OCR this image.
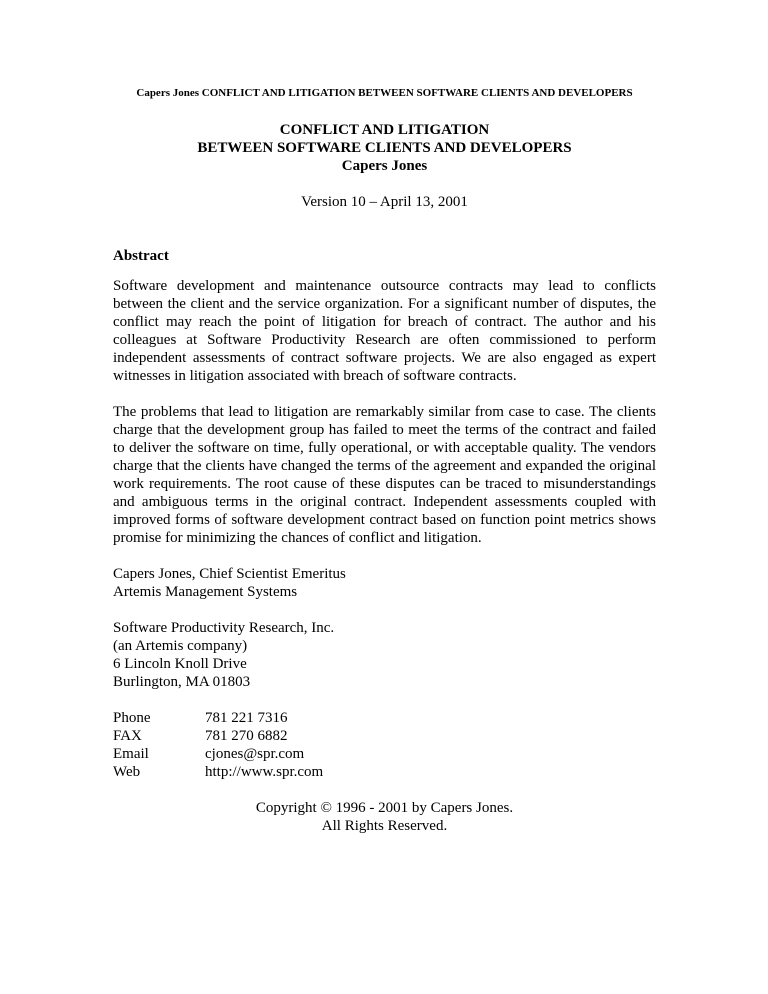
Capers Jones CONFLICT AND LITIGATION BETWEEN SOFTWARE CLIENTS AND DEVELOPERS
CONFLICT AND LITIGATION
BETWEEN SOFTWARE CLIENTS AND DEVELOPERS
Capers Jones
Version 10 – April 13, 2001
Abstract

Software development and maintenance outsource contracts may lead to conflicts between the client and the service organization. For a significant number of disputes, the conflict may reach the point of litigation for breach of contract. The author and his colleagues at Software Productivity Research are often commissioned to perform independent assessments of contract software projects. We are also engaged as expert witnesses in litigation associated with breach of software contracts.

The problems that lead to litigation are remarkably similar from case to case. The clients charge that the development group has failed to meet the terms of the contract and failed to deliver the software on time, fully operational, or with acceptable quality. The vendors charge that the clients have changed the terms of the agreement and expanded the original work requirements. The root cause of these disputes can be traced to misunderstandings and ambiguous terms in the original contract. Independent assessments coupled with improved forms of software development contract based on function point metrics shows promise for minimizing the chances of conflict and litigation.

Capers Jones, Chief Scientist Emeritus
Artemis Management Systems
Software Productivity Research, Inc.
(an Artemis company)
6 Lincoln Knoll Drive
Burlington, MA 01803
Phone	781 221 7316
FAX	781 270 6882
Email	cjones@spr.com
Web	http://www.spr.com
Copyright © 1996 - 2001 by Capers Jones.
All Rights Reserved.
